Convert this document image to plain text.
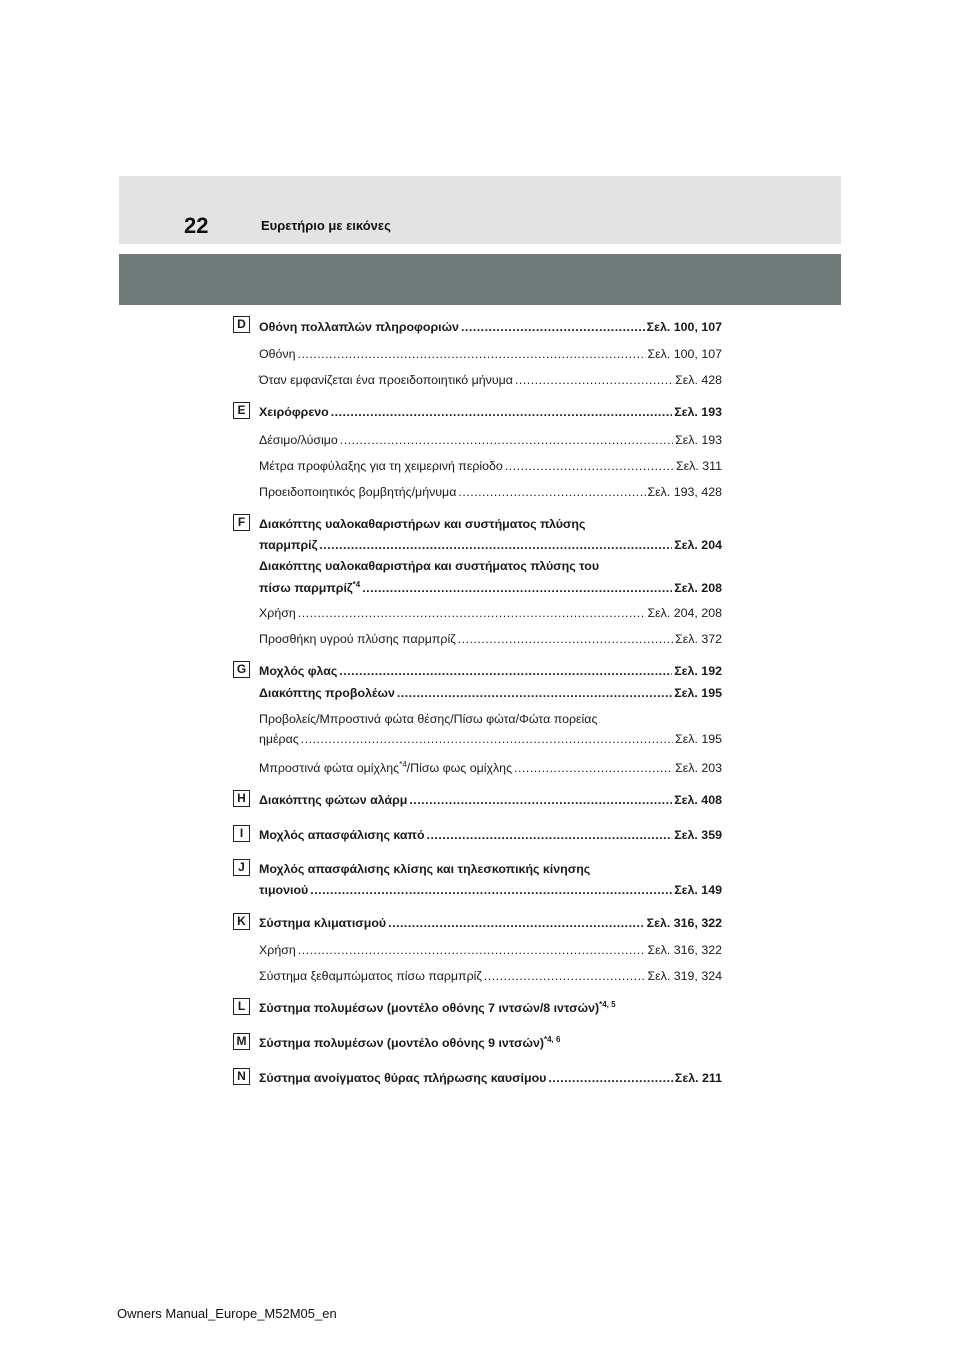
22	Ευρετήριο με εικόνες
D	Οθόνη πολλαπλών πληροφοριών .....	Σελ. 100, 107
Οθόνη .....	Σελ. 100, 107
Όταν εμφανίζεται ένα προειδοποιητικό μήνυμα .....	Σελ. 428
E	Χειρόφρενο .....	Σελ. 193
Δέσιμο/λύσιμο .....	Σελ. 193
Μέτρα προφύλαξης για τη χειμερινή περίοδο .....	Σελ. 311
Προειδοποιητικός βομβητής/μήνυμα .....	Σελ. 193, 428
F	Διακόπτης υαλοκαθαριστήρων και συστήματος πλύσης
παρμπρίζ .....	Σελ. 204
Διακόπτης υαλοκαθαριστήρα και συστήματος πλύσης του
πίσω παρμπρίζ$^{*4}$ .....	Σελ. 208
Χρήση .....	Σελ. 204, 208
Προσθήκη υγρού πλύσης παρμπρίζ .....	Σελ. 372
G	Μοχλός φλας .....	Σελ. 192
Διακόπτης προβολέων .....	Σελ. 195
Προβολείς/Μπροστινά φώτα θέσης/Πίσω φώτα/Φώτα πορείας
ημέρας .....	Σελ. 195
Μπροστινά φώτα ομίχλης$^{*4}$/Πίσω φως ομίχλης .....	Σελ. 203
H	Διακόπτης φώτων αλάρμ .....	Σελ. 408
I	Μοχλός απασφάλισης καπό .....	Σελ. 359
J	Μοχλός απασφάλισης κλίσης και τηλεσκοπικής κίνησης
τιμονιού .....	Σελ. 149
K	Σύστημα κλιματισμού .....	Σελ. 316, 322
Χρήση .....	Σελ. 316, 322
Σύστημα ξεθαμπώματος πίσω παρμπρίζ .....	Σελ. 319, 324
L	Σύστημα πολυμέσων (μοντέλο οθόνης 7 ιντσών/8 ιντσών)$^{*4, 5}$
M Σύστημα πολυμέσων (μοντέλο οθόνης 9 ιντσών)$^{*4, 6}$
N	Σύστημα ανοίγματος θύρας πλήρωσης καυσίμου .....	Σελ. 211
Owners Manual_Europe_M52M05_en
